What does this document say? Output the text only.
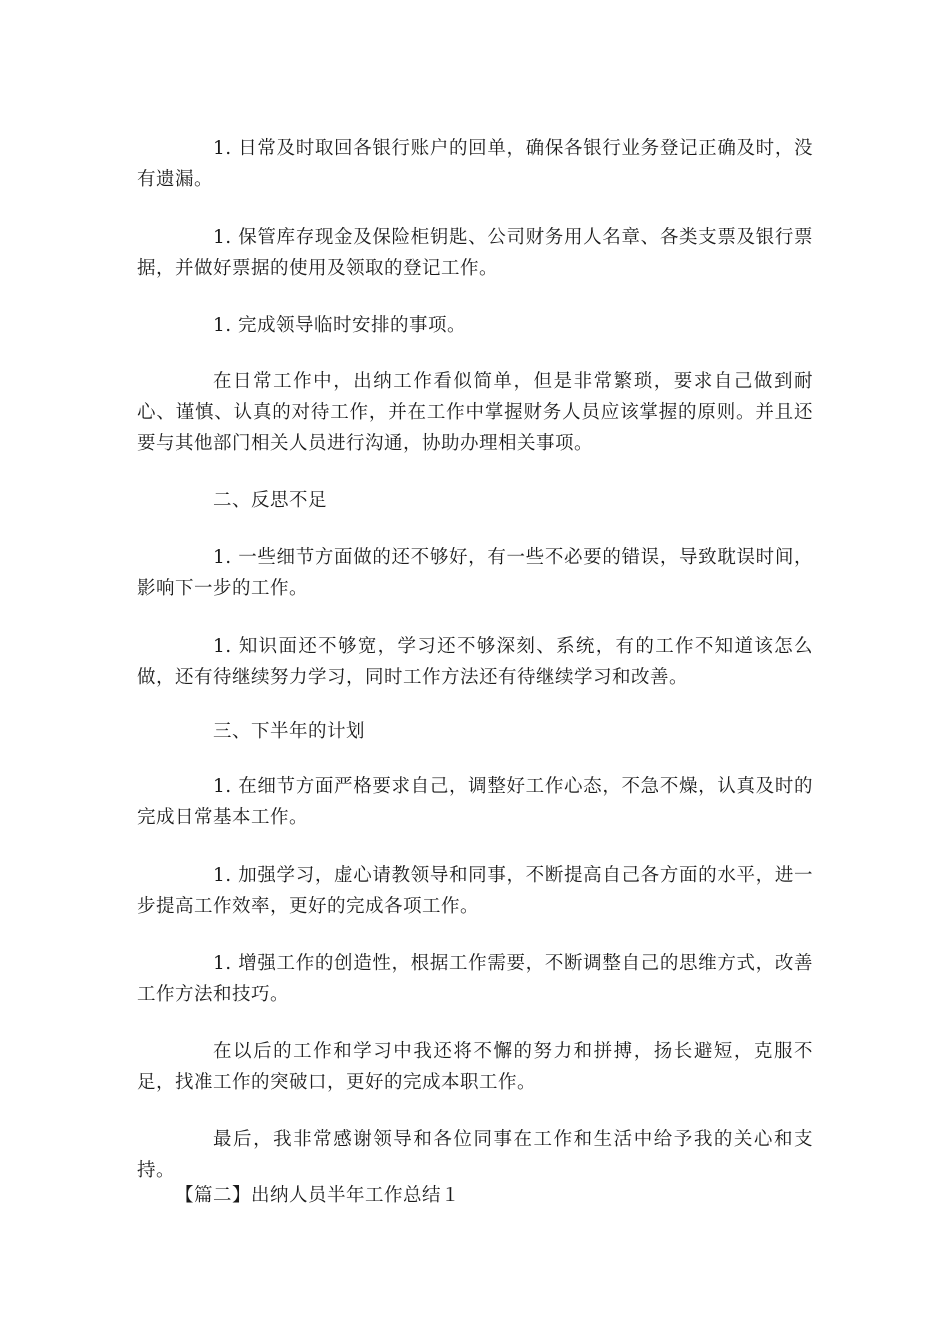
1. 日常及时取回各银行账户的回单，确保各银行业务登记正确及时，没有遗漏。

1. 保管库存现金及保险柜钥匙、公司财务用人名章、各类支票及银行票据，并做好票据的使用及领取的登记工作。

1. 完成领导临时安排的事项。

在日常工作中，出纳工作看似简单，但是非常繁琐，要求自己做到耐心、谨慎、认真的对待工作，并在工作中掌握财务人员应该掌握的原则。并且还要与其他部门相关人员进行沟通，协助办理相关事项。

二、反思不足

1. 一些细节方面做的还不够好，有一些不必要的错误，导致耽误时间，影响下一步的工作。

1. 知识面还不够宽，学习还不够深刻、系统，有的工作不知道该怎么做，还有待继续努力学习，同时工作方法还有待继续学习和改善。

三、下半年的计划

1. 在细节方面严格要求自己，调整好工作心态，不急不燥，认真及时的完成日常基本工作。

1. 加强学习，虚心请教领导和同事，不断提高自己各方面的水平，进一步提高工作效率，更好的完成各项工作。

1. 增强工作的创造性，根据工作需要，不断调整自己的思维方式，改善工作方法和技巧。

在以后的工作和学习中我还将不懈的努力和拼搏，扬长避短，克服不足，找准工作的突破口，更好的完成本职工作。

最后，我非常感谢领导和各位同事在工作和生活中给予我的关心和支持。

【篇二】出纳人员半年工作总结１
